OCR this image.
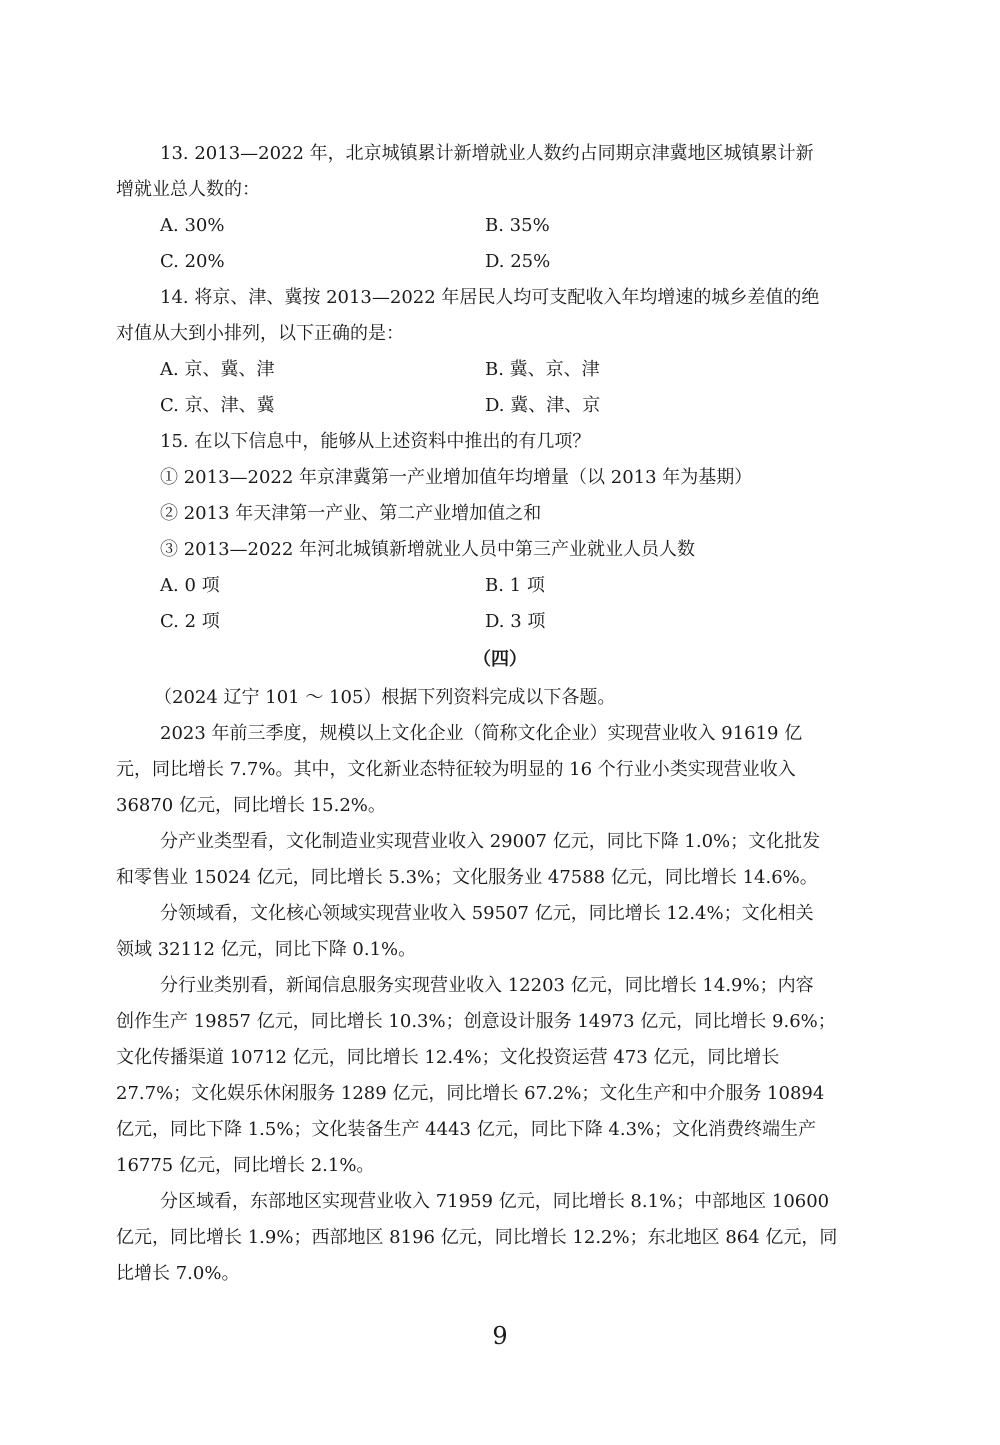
13. 2013—2022 年，北京城镇累计新增就业人数约占同期京津冀地区城镇累计新
增就业总人数的：
A. 30%	B. 35%
C. 20%	D. 25%
14. 将京、津、冀按 2013—2022 年居民人均可支配收入年均增速的城乡差值的绝
对值从大到小排列，以下正确的是：
A. 京、冀、津	B. 冀、京、津
C. 京、津、冀	D. 冀、津、京
15. 在以下信息中，能够从上述资料中推出的有几项？
① 2013—2022 年京津冀第一产业增加值年均增量（以 2013 年为基期）
② 2013 年天津第一产业、第二产业增加值之和
③ 2013—2022 年河北城镇新增就业人员中第三产业就业人员人数
A. 0 项	B. 1 项
C. 2 项	D. 3 项
（四）
（2024 辽宁 101 ～ 105）根据下列资料完成以下各题。
2023 年前三季度，规模以上文化企业（简称文化企业）实现营业收入 91619 亿
元，同比增长 7.7%。其中，文化新业态特征较为明显的 16 个行业小类实现营业收入
36870 亿元，同比增长 15.2%。
分产业类型看，文化制造业实现营业收入 29007 亿元，同比下降 1.0%；文化批发
和零售业 15024 亿元，同比增长 5.3%；文化服务业 47588 亿元，同比增长 14.6%。
分领域看，文化核心领域实现营业收入 59507 亿元，同比增长 12.4%；文化相关
领域 32112 亿元，同比下降 0.1%。
分行业类别看，新闻信息服务实现营业收入 12203 亿元，同比增长 14.9%；内容
创作生产 19857 亿元，同比增长 10.3%；创意设计服务 14973 亿元，同比增长 9.6%；
文化传播渠道 10712 亿元，同比增长 12.4%；文化投资运营 473 亿元，同比增长
27.7%；文化娱乐休闲服务 1289 亿元，同比增长 67.2%；文化生产和中介服务 10894
亿元，同比下降 1.5%；文化装备生产 4443 亿元，同比下降 4.3%；文化消费终端生产
16775 亿元，同比增长 2.1%。
分区域看，东部地区实现营业收入 71959 亿元，同比增长 8.1%；中部地区 10600
亿元，同比增长 1.9%；西部地区 8196 亿元，同比增长 12.2%；东北地区 864 亿元，同
比增长 7.0%。
9
